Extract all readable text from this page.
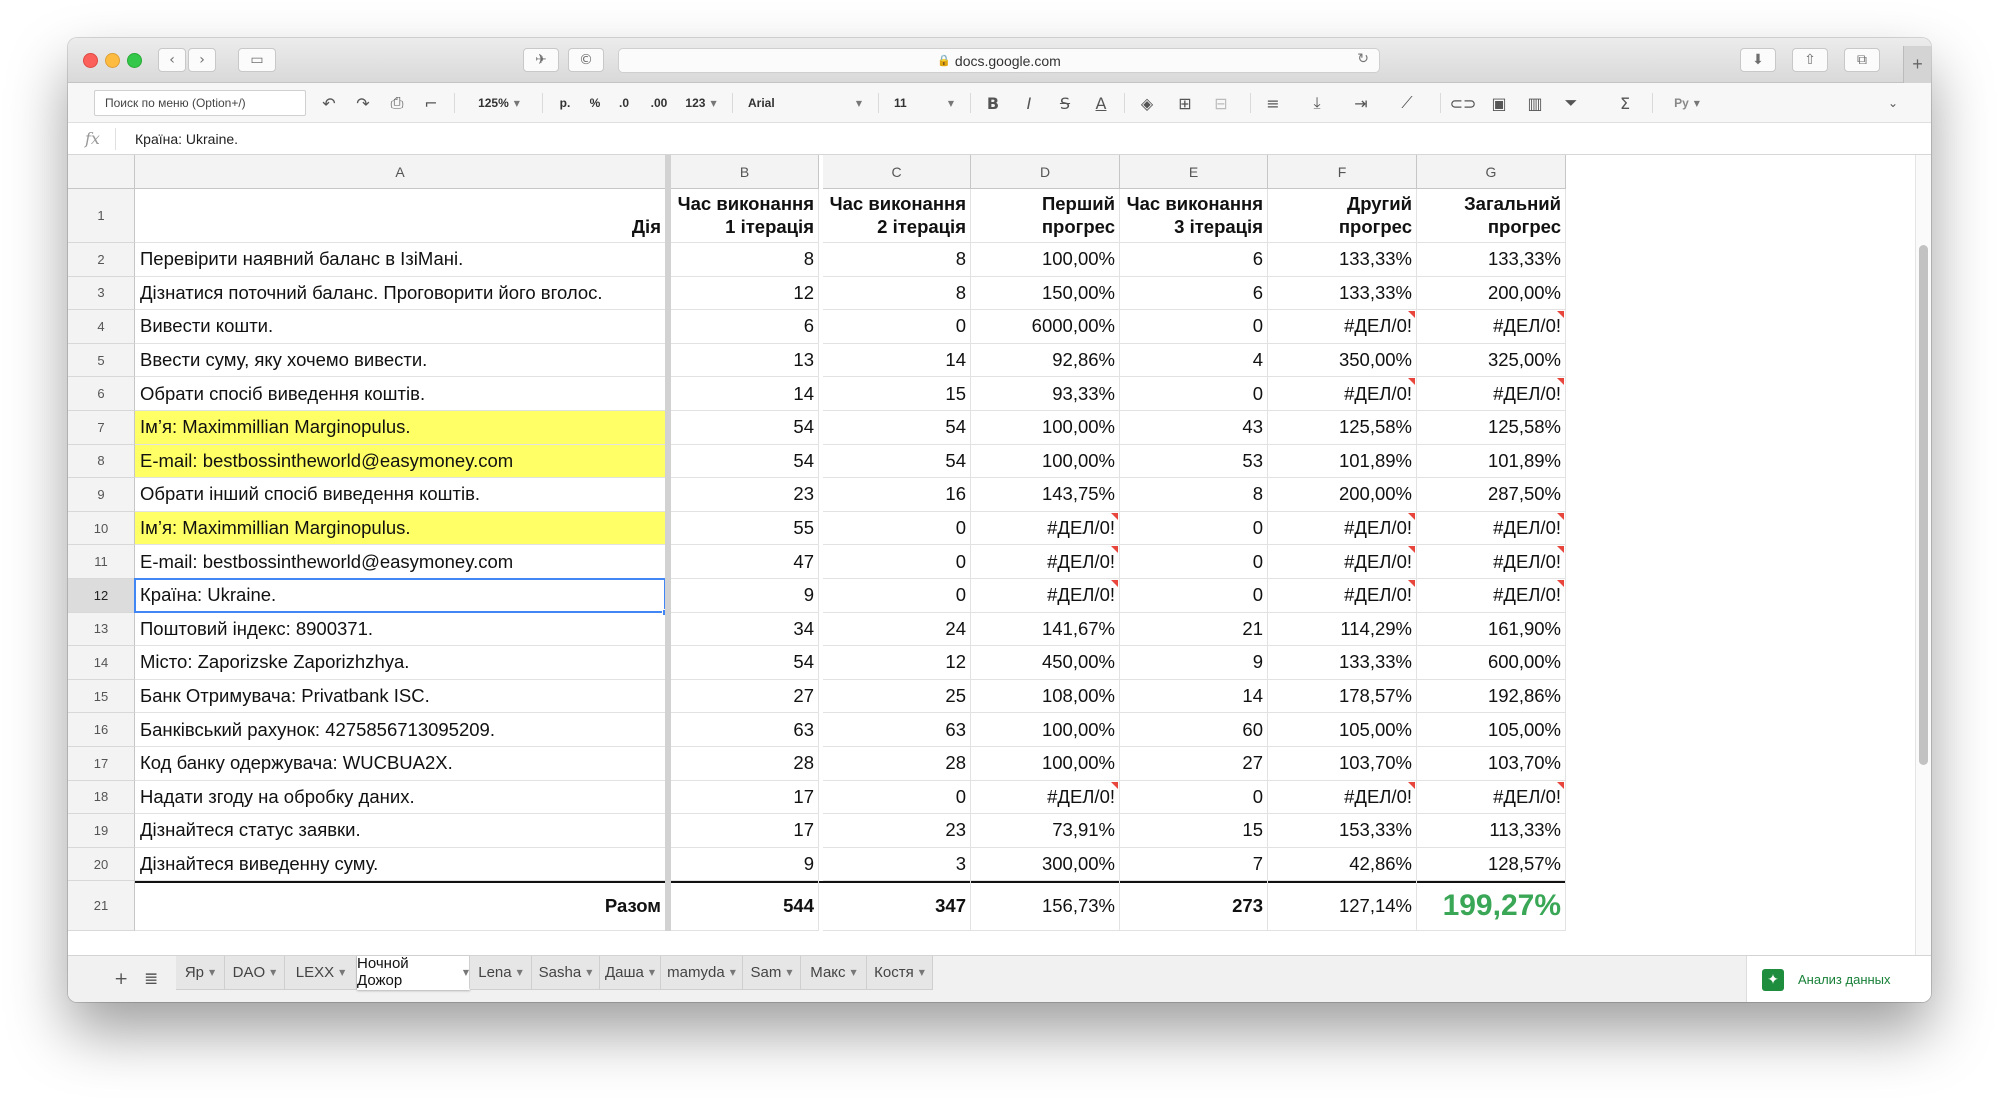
‹ ›	▭	✈ ©	🔒 docs.google.com	↻	⬇	⇧	⧉	+
Поиск по меню (Option+/)	↶	↷	⎙	⌐	125% ▼	р. % .0 .00 123 ▼	Arial	▼	11	▼	B	I	S	A	◈	⊞	⊟	≡	⤓	⇥	⟋	⊂⊃ ▣	▥	⏷	Σ	Ру ▼	⌄
fx	Країна: Ukraine.
A	B	C	D	E	F	G
1
Дія
Час виконання 1 ітерація
Час виконання 2 ітерація
Перший прогрес
Час виконання 3 ітерація
Другий прогрес
Загальний прогрес
2	Перевірити наявний баланс в ІзіМані.	8	8	100,00%	6	133,33%	133,33%
3	Дізнатися поточний баланс. Проговорити його вголос.	12	8	150,00%	6	133,33%	200,00%
4	Вивести кошти.	6	0	6000,00%	0	#ДЕЛ/0!	#ДЕЛ/0!
5	Ввести суму, яку хочемо вивести.	13	14	92,86%	4	350,00%	325,00%
6	Обрати спосіб виведення коштів.	14	15	93,33%	0	#ДЕЛ/0!	#ДЕЛ/0!
7	Ім’я: Maximmillian Marginopulus.	54	54	100,00%	43	125,58%	125,58%
8	E-mail: bestbossintheworld@easymoney.com	54	54	100,00%	53	101,89%	101,89%
9	Обрати інший спосіб виведення коштів.	23	16	143,75%	8	200,00%	287,50%
10	Ім’я: Maximmillian Marginopulus.	55	0	#ДЕЛ/0!	0	#ДЕЛ/0!	#ДЕЛ/0!
11	E-mail: bestbossintheworld@easymoney.com	47	0	#ДЕЛ/0!	0	#ДЕЛ/0!	#ДЕЛ/0!
12	Країна: Ukraine.	9	0	#ДЕЛ/0!	0	#ДЕЛ/0!	#ДЕЛ/0!
13	Поштовий індекс: 8900371.	34	24	141,67%	21	114,29%	161,90%
14	Місто: Zaporizske Zaporizhzhya.	54	12	450,00%	9	133,33%	600,00%
15	Банк Отримувача: Privatbank ISC.	27	25	108,00%	14	178,57%	192,86%
16	Банківський рахунок: 4275856713095209.	63	63	100,00%	60	105,00%	105,00%
17	Код банку одержувача: WUCBUA2X.	28	28	100,00%	27	103,70%	103,70%
18	Надати згоду на обробку даних.	17	0	#ДЕЛ/0!	0	#ДЕЛ/0!	#ДЕЛ/0!
19	Дізнайтеся статус заявки.	17	23	73,91%	15	153,33%	113,33%
20	Дізнайтеся виведенну суму.	9	3	300,00%	7	42,86%	128,57%
21	Разом	544	347	156,73%	273	127,14%	199,27%
+ ≣ Яр ▼ DAO ▼ LEXX ▼
Ночной Дожор	▼ Lena ▼ Sasha ▼ Даша ▼ mamyda ▼ Sam ▼ Макс ▼ Костя ▼	✦	Анализ данных
